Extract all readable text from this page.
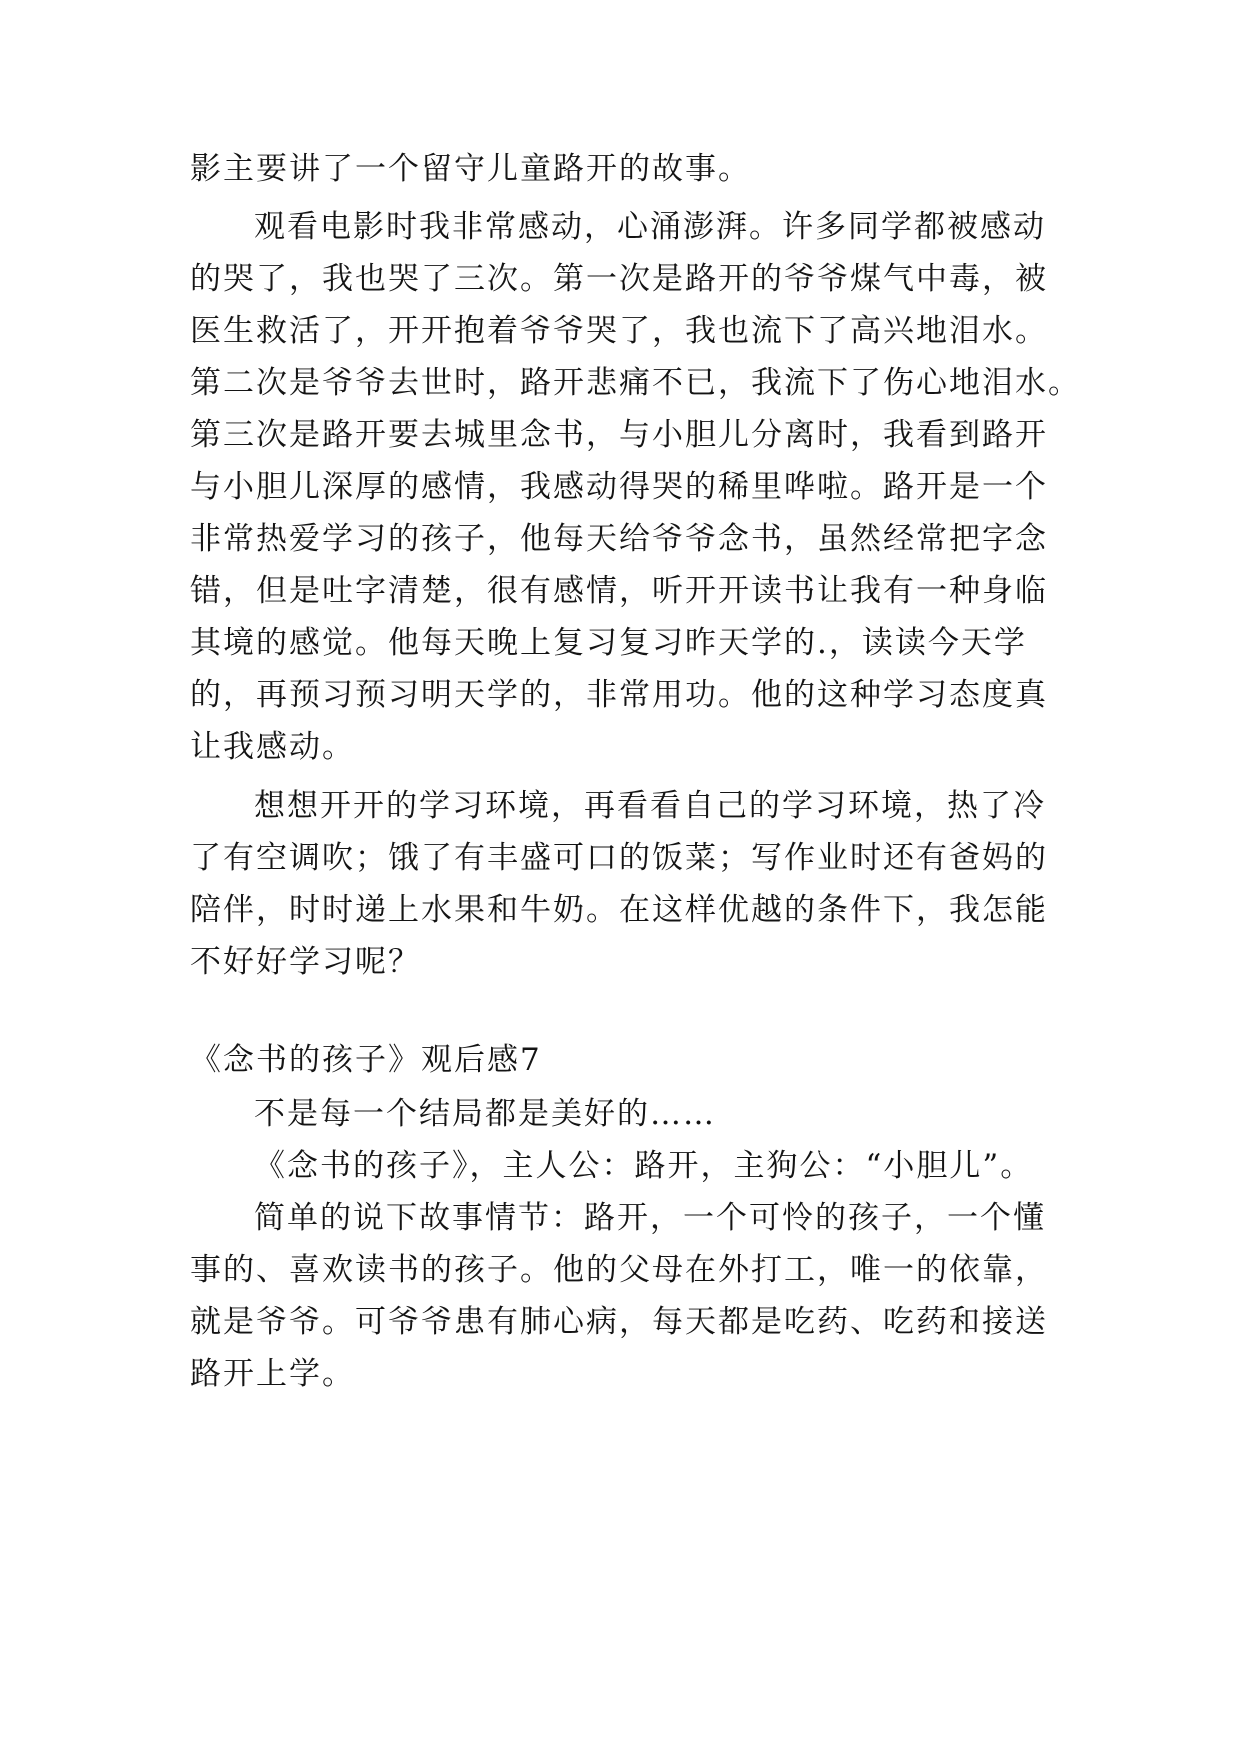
影主要讲了一个留守儿童路开的故事。
观看电影时我非常感动，心涌澎湃。许多同学都被感动
的哭了，我也哭了三次。第一次是路开的爷爷煤气中毒，被
医生救活了，开开抱着爷爷哭了，我也流下了高兴地泪水。
第二次是爷爷去世时，路开悲痛不已，我流下了伤心地泪水。
第三次是路开要去城里念书，与小胆儿分离时，我看到路开
与小胆儿深厚的感情，我感动得哭的稀里哗啦。路开是一个
非常热爱学习的孩子，他每天给爷爷念书，虽然经常把字念
错，但是吐字清楚，很有感情，听开开读书让我有一种身临
其境的感觉。他每天晚上复习复习昨天学的.，读读今天学
的，再预习预习明天学的，非常用功。他的这种学习态度真
让我感动。
想想开开的学习环境，再看看自己的学习环境，热了冷
了有空调吹；饿了有丰盛可口的饭菜；写作业时还有爸妈的
陪伴，时时递上水果和牛奶。在这样优越的条件下，我怎能
不好好学习呢？
《念书的孩子》观后感7
不是每一个结局都是美好的……
《念书的孩子》，主人公：路开，主狗公：“小胆儿”。
简单的说下故事情节：路开，一个可怜的孩子，一个懂
事的、喜欢读书的孩子。他的父母在外打工，唯一的依靠，
就是爷爷。可爷爷患有肺心病，每天都是吃药、吃药和接送
路开上学。
